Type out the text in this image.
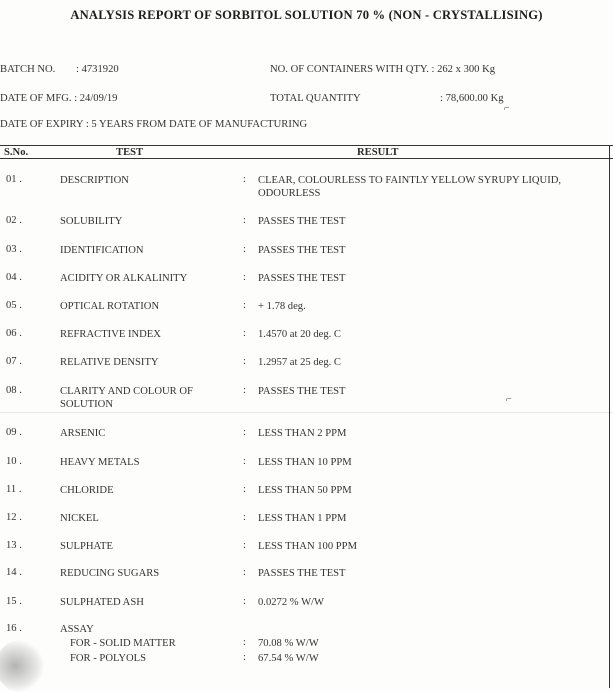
ANALYSIS REPORT OF SORBITOL SOLUTION 70 % (NON - CRYSTALLISING)
BATCH NO. : 4731920	NO. OF CONTAINERS WITH QTY. : 262 x 300 Kg
DATE OF MFG. : 24/09/19	TOTAL QUANTITY	: 78,600.00 Kg
DATE OF EXPIRY : 5 YEARS FROM DATE OF MANUFACTURING
S.No.	TEST	RESULT
01 .	DESCRIPTION	: CLEAR, COLOURLESS TO FAINTLY YELLOW SYRUPY LIQUID, ODOURLESS
02 .	SOLUBILITY	: PASSES THE TEST
03 .	IDENTIFICATION	: PASSES THE TEST
04 .	ACIDITY OR ALKALINITY	: PASSES THE TEST
05 .	OPTICAL ROTATION	: + 1.78 deg.
06 .	REFRACTIVE INDEX	: 1.4570 at 20 deg. C
07 .	RELATIVE DENSITY	: 1.2957 at 25 deg. C
08 .	CLARITY AND COLOUR OF SOLUTION
: PASSES THE TEST
09 .	ARSENIC	: LESS THAN 2 PPM
10 .	HEAVY METALS	: LESS THAN 10 PPM
11 .	CHLORIDE	: LESS THAN 50 PPM
12 .	NICKEL	: LESS THAN 1 PPM
13 .	SULPHATE	: LESS THAN 100 PPM
14 .	REDUCING SUGARS	: PASSES THE TEST
15 .	SULPHATED ASH	: 0.0272 % W/W
16 .	ASSAY
FOR - SOLID MATTER	: 70.08 % W/W
FOR - POLYOLS	: 67.54 % W/W
⌐
⌐
